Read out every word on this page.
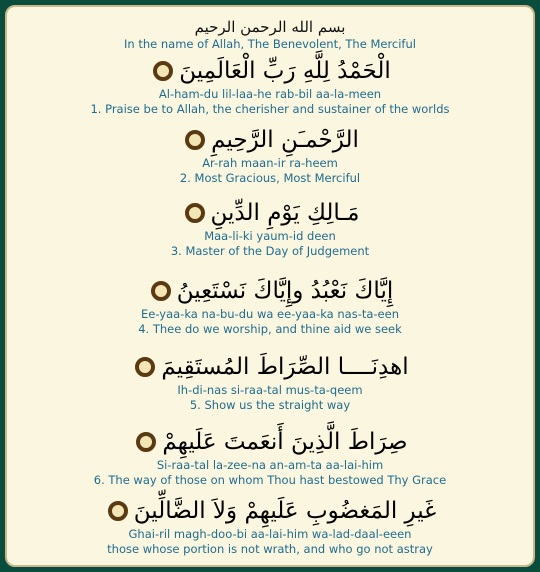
بسم الله الرحمن الرحيم
In the name of Allah, The Benevolent, The Merciful
الْحَمْدُ لِلَّهِ رَبِّ الْعَالَمِينَ
Al-ham-du lil-laa-he rab-bil aa-la-meen
1. Praise be to Allah, the cherisher and sustainer of the worlds
الرَّحْمـَنِ الرَّحِيمِ
Ar-rah maan-ir ra-heem
2. Most Gracious, Most Merciful
مَـالِكِ يَوْمِ الدِّينِ
Maa-li-ki yaum-id deen
3. Master of the Day of Judgement
إِيَّاكَ نَعْبُدُ وإِيَّاكَ نَسْتَعِينُ
Ee-yaa-ka na-bu-du wa ee-yaa-ka nas-ta-een
4. Thee do we worship, and thine aid we seek
اهدِنَــــا الصِّرَاطَ المُستَقِيمَ
Ih-di-nas si-raa-tal mus-ta-qeem
5. Show us the straight way
صِرَاطَ الَّذِينَ أَنعَمتَ عَلَيهِمْ
Si-raa-tal la-zee-na an-am-ta aa-lai-him
6. The way of those on whom Thou hast bestowed Thy Grace
غَيرِ المَغضُوبِ عَلَيهِمْ وَلاَ الضَّالِّينَ
Ghai-ril magh-doo-bi aa-lai-him wa-lad-daal-eeen
those whose portion is not wrath, and who go not astray
